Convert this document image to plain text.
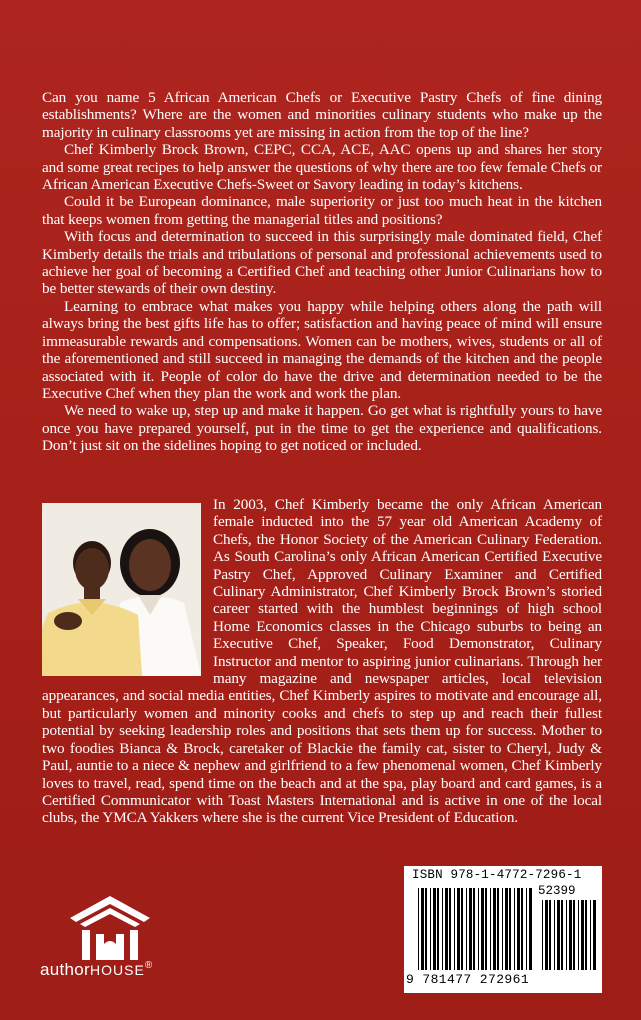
Can you name 5 African American Chefs or Executive Pastry Chefs of fine dining establishments? Where are the women and minorities culinary students who make up the majority in culinary classrooms yet are missing in action from the top of the line?

Chef Kimberly Brock Brown, CEPC, CCA, ACE, AAC opens up and shares her story and some great recipes to help answer the questions of why there are too few female Chefs or African American Executive Chefs-Sweet or Savory leading in today’s kitchens.

Could it be European dominance, male superiority or just too much heat in the kitchen that keeps women from getting the managerial titles and positions?

With focus and determination to succeed in this surprisingly male dominated field, Chef Kimberly details the trials and tribulations of personal and professional achievements used to achieve her goal of becoming a Certified Chef and teaching other Junior Culinarians how to be better stewards of their own destiny.

Learning to embrace what makes you happy while helping others along the path will always bring the best gifts life has to offer; satisfaction and having peace of mind will ensure immeasurable rewards and compensations. Women can be mothers, wives, students or all of the aforementioned and still succeed in managing the demands of the kitchen and the people associated with it. People of color do have the drive and determination needed to be the Executive Chef when they plan the work and work the plan.

We need to wake up, step up and make it happen. Go get what is rightfully yours to have once you have prepared yourself, put in the time to get the experience and qualifications. Don’t just sit on the sidelines hoping to get noticed or included.

In 2003, Chef Kimberly became the only African American female inducted into the 57 year old American Academy of Chefs, the Honor Society of the American Culinary Federation. As South Carolina’s only African American Certified Executive Pastry Chef, Approved Culinary Examiner and Certified Culinary Administrator, Chef Kimberly Brock Brown’s storied career started with the humblest beginnings of high school Home Economics classes in the Chicago suburbs to being an Executive Chef, Speaker, Food Demonstrator, Culinary Instructor and mentor to aspiring junior culinarians. Through her many magazine and newspaper articles, local television appearances, and social media entities, Chef Kimberly aspires to motivate and encourage all, but particularly women and minority cooks and chefs to step up and reach their fullest potential by seeking leadership roles and positions that sets them up for success. Mother to two foodies Bianca & Brock, caretaker of Blackie the family cat, sister to Cheryl, Judy & Paul, auntie to a niece & nephew and girlfriend to a few phenomenal women, Chef Kimberly loves to travel, read, spend time on the beach and at the spa, play board and card games, is a Certified Communicator with Toast Masters International and is active in one of the local clubs, the YMCA Yakkers where she is the current Vice President of Education.

authorHOUSE®
ISBN 978-1-4772-7296-1
52399
9 781477 272961
